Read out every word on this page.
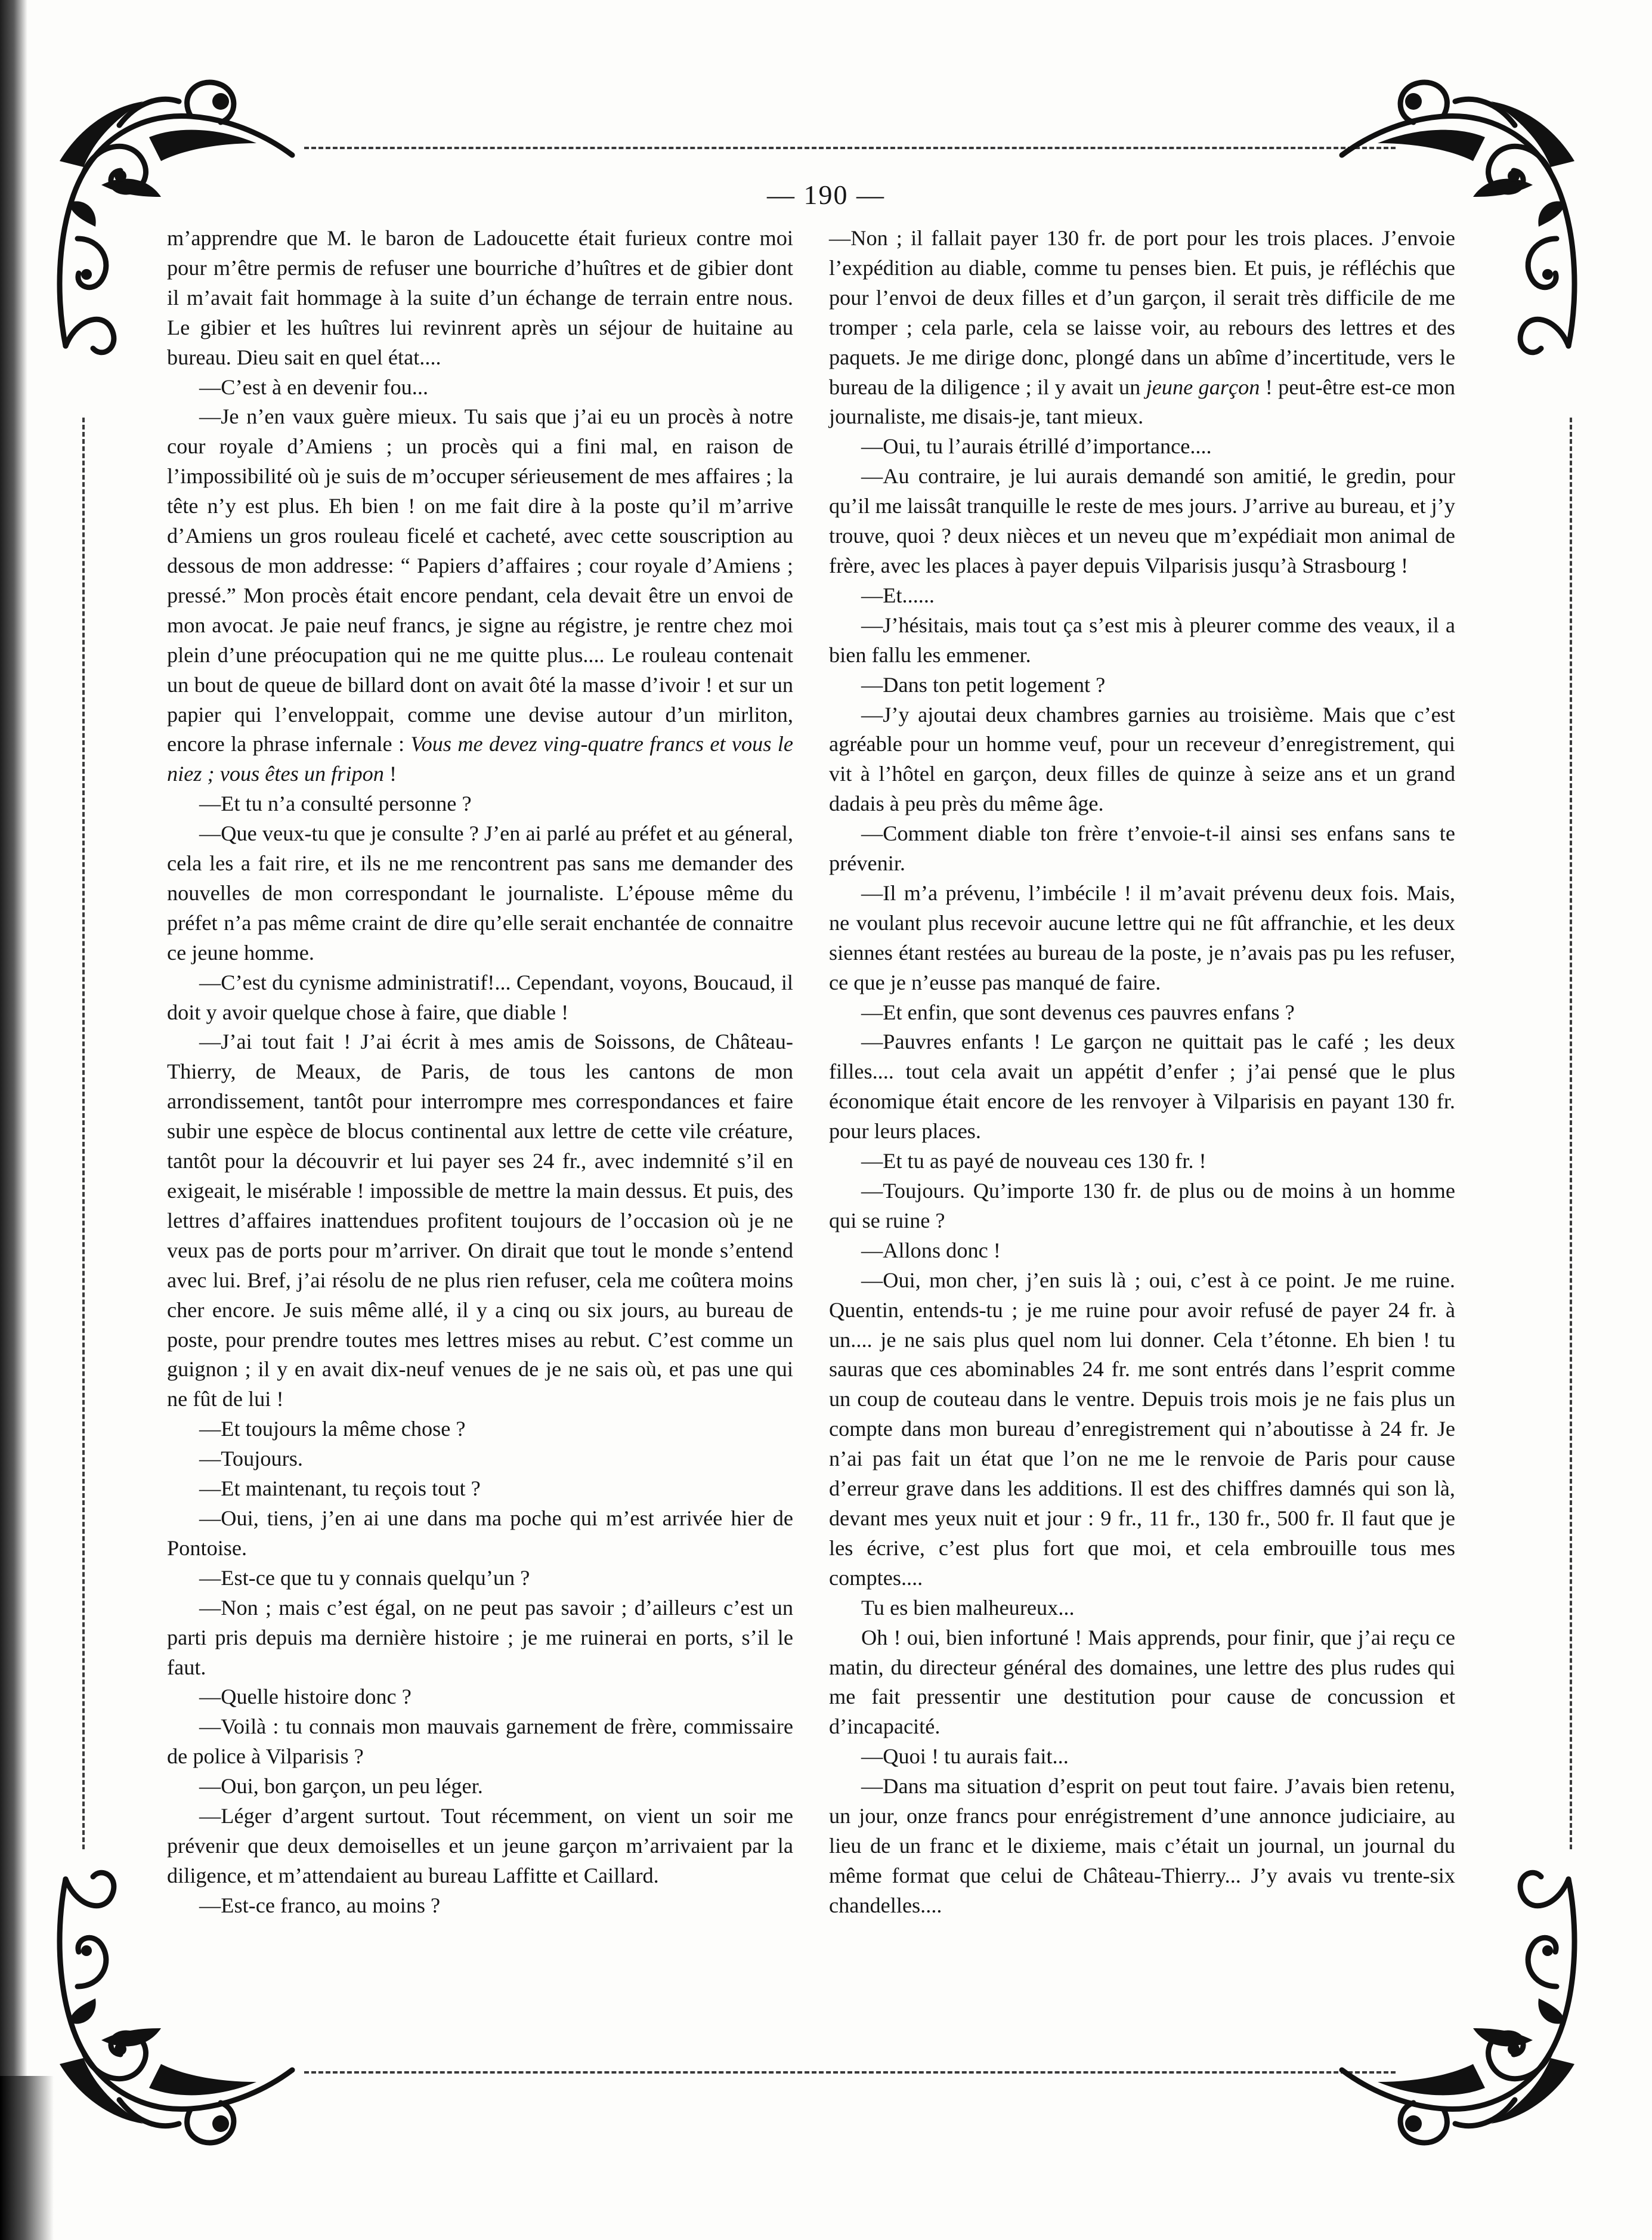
— 190 —

m’apprendre que M. le baron de Ladoucette était furieux contre moi pour m’être permis de refuser une bourriche d’huîtres et de gibier dont il m’avait fait hommage à la suite d’un échange de terrain entre nous. Le gibier et les huîtres lui revinrent après un séjour de huitaine au bureau. Dieu sait en quel état....

—C’est à en devenir fou...

—Je n’en vaux guère mieux. Tu sais que j’ai eu un procès à notre cour royale d’Amiens ; un procès qui a fini mal, en raison de l’impossibilité où je suis de m’occuper sérieusement de mes affaires ; la tête n’y est plus. Eh bien ! on me fait dire à la poste qu’il m’arrive d’Amiens un gros rouleau ficelé et cacheté, avec cette souscription au dessous de mon addresse: “ Papiers d’affaires ; cour royale d’Amiens ; pressé.” Mon procès était encore pendant, cela devait être un envoi de mon avocat. Je paie neuf francs, je signe au régistre, je rentre chez moi plein d’une préocupation qui ne me quitte plus.... Le rouleau contenait un bout de queue de billard dont on avait ôté la masse d’ivoir ! et sur un papier qui l’enveloppait, comme une devise autour d’un mirliton, encore la phrase infernale : Vous me devez ving-quatre francs et vous le niez ; vous êtes un fripon !

—Et tu n’a consulté personne ?

—Que veux-tu que je consulte ? J’en ai parlé au préfet et au géneral, cela les a fait rire, et ils ne me rencontrent pas sans me demander des nouvelles de mon correspondant le journaliste. L’épouse même du préfet n’a pas même craint de dire qu’elle serait enchantée de connaitre ce jeune homme.

—C’est du cynisme administratif!... Cependant, voyons, Boucaud, il doit y avoir quelque chose à faire, que diable !

—J’ai tout fait ! J’ai écrit à mes amis de Soissons, de Château-Thierry, de Meaux, de Paris, de tous les cantons de mon arrondissement, tantôt pour interrompre mes correspondances et faire subir une espèce de blocus continental aux lettre de cette vile créature, tantôt pour la découvrir et lui payer ses 24 fr., avec indemnité s’il en exigeait, le misérable ! impossible de mettre la main dessus. Et puis, des lettres d’affaires inattendues profitent toujours de l’occasion où je ne veux pas de ports pour m’arriver. On dirait que tout le monde s’entend avec lui. Bref, j’ai résolu de ne plus rien refuser, cela me coûtera moins cher encore. Je suis même allé, il y a cinq ou six jours, au bureau de poste, pour prendre toutes mes lettres mises au rebut. C’est comme un guignon ; il y en avait dix-neuf venues de je ne sais où, et pas une qui ne fût de lui !

—Et toujours la même chose ?

—Toujours.

—Et maintenant, tu reçois tout ?

—Oui, tiens, j’en ai une dans ma poche qui m’est arrivée hier de Pontoise.

—Est-ce que tu y connais quelqu’un ?

—Non ; mais c’est égal, on ne peut pas savoir ; d’ailleurs c’est un parti pris depuis ma dernière histoire ; je me ruinerai en ports, s’il le faut.

—Quelle histoire donc ?

—Voilà : tu connais mon mauvais garnement de frère, commissaire de police à Vilparisis ?

—Oui, bon garçon, un peu léger.

—Léger d’argent surtout. Tout récemment, on vient un soir me prévenir que deux demoiselles et un jeune garçon m’arrivaient par la diligence, et m’attendaient au bureau Laffitte et Caillard.

—Est-ce franco, au moins ?

—Non ; il fallait payer 130 fr. de port pour les trois places. J’envoie l’expédition au diable, comme tu penses bien. Et puis, je réfléchis que pour l’envoi de deux filles et d’un garçon, il serait très difficile de me tromper ; cela parle, cela se laisse voir, au rebours des lettres et des paquets. Je me dirige donc, plongé dans un abîme d’incertitude, vers le bureau de la diligence ; il y avait un jeune garçon ! peut-être est-ce mon journaliste, me disais-je, tant mieux.

—Oui, tu l’aurais étrillé d’importance....

—Au contraire, je lui aurais demandé son amitié, le gredin, pour qu’il me laissât tranquille le reste de mes jours. J’arrive au bureau, et j’y trouve, quoi ? deux nièces et un neveu que m’expédiait mon animal de frère, avec les places à payer depuis Vilparisis jusqu’à Strasbourg !

—Et......

—J’hésitais, mais tout ça s’est mis à pleurer comme des veaux, il a bien fallu les emmener.

—Dans ton petit logement ?

—J’y ajoutai deux chambres garnies au troisième. Mais que c’est agréable pour un homme veuf, pour un receveur d’enregistrement, qui vit à l’hôtel en garçon, deux filles de quinze à seize ans et un grand dadais à peu près du même âge.

—Comment diable ton frère t’envoie-t-il ainsi ses enfans sans te prévenir.

—Il m’a prévenu, l’imbécile ! il m’avait prévenu deux fois. Mais, ne voulant plus recevoir aucune lettre qui ne fût affranchie, et les deux siennes étant restées au bureau de la poste, je n’avais pas pu les refuser, ce que je n’eusse pas manqué de faire.

—Et enfin, que sont devenus ces pauvres enfans ?

—Pauvres enfants ! Le garçon ne quittait pas le café ; les deux filles.... tout cela avait un appétit d’enfer ; j’ai pensé que le plus économique était encore de les renvoyer à Vilparisis en payant 130 fr. pour leurs places.

—Et tu as payé de nouveau ces 130 fr. !

—Toujours. Qu’importe 130 fr. de plus ou de moins à un homme qui se ruine ?

—Allons donc !

—Oui, mon cher, j’en suis là ; oui, c’est à ce point. Je me ruine. Quentin, entends-tu ; je me ruine pour avoir refusé de payer 24 fr. à un.... je ne sais plus quel nom lui donner. Cela t’étonne. Eh bien ! tu sauras que ces abominables 24 fr. me sont entrés dans l’esprit comme un coup de couteau dans le ventre. Depuis trois mois je ne fais plus un compte dans mon bureau d’enregistrement qui n’aboutisse à 24 fr. Je n’ai pas fait un état que l’on ne me le renvoie de Paris pour cause d’erreur grave dans les additions. Il est des chiffres damnés qui son là, devant mes yeux nuit et jour : 9 fr., 11 fr., 130 fr., 500 fr. Il faut que je les écrive, c’est plus fort que moi, et cela embrouille tous mes comptes....

Tu es bien malheureux...

Oh ! oui, bien infortuné ! Mais apprends, pour finir, que j’ai reçu ce matin, du directeur général des domaines, une lettre des plus rudes qui me fait pressentir une destitution pour cause de concussion et d’incapacité.

—Quoi ! tu aurais fait...

—Dans ma situation d’esprit on peut tout faire. J’avais bien retenu, un jour, onze francs pour enrégistrement d’une annonce judiciaire, au lieu de un franc et le dixieme, mais c’était un journal, un journal du même format que celui de Château-Thierry... J’y avais vu trente-six chandelles....
